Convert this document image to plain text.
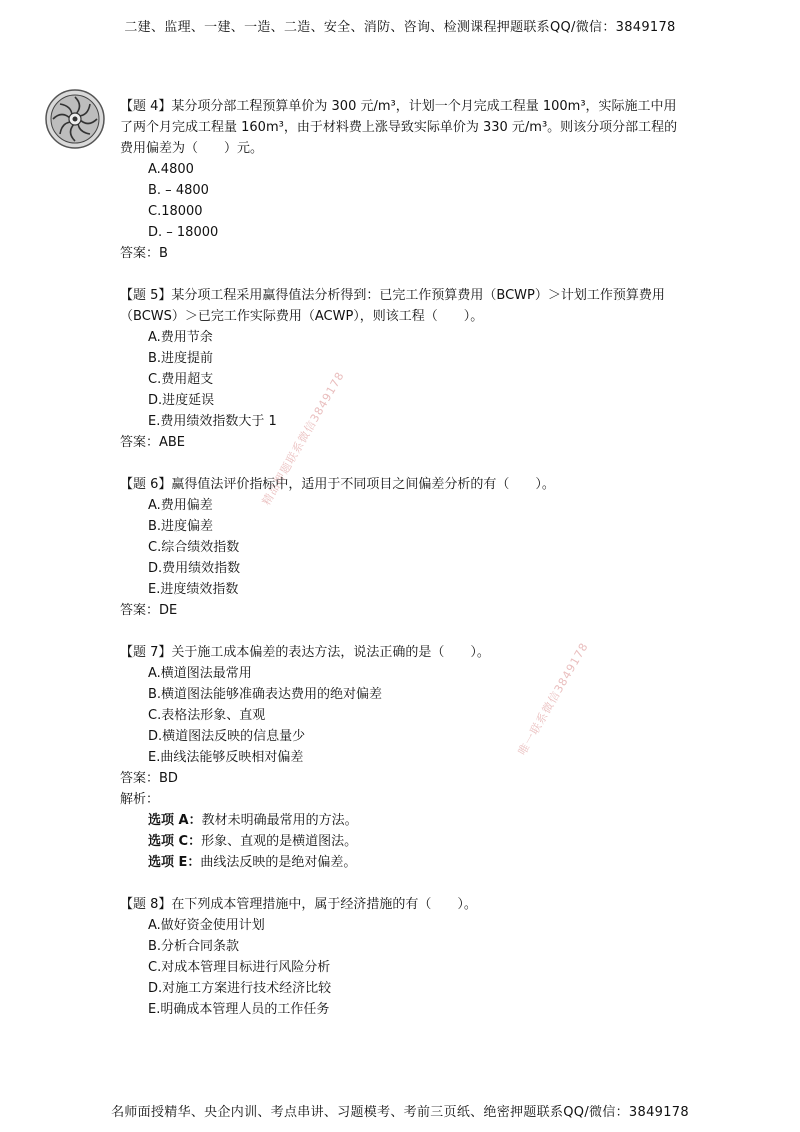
二建、监理、一建、一造、二造、安全、消防、咨询、检测课程押题联系QQ/微信：3849178
精品押题联系微信3849178
唯一联系微信3849178

【题 4】某分项分部工程预算单价为 300 元/m³，计划一个月完成工程量 100m³，实际施工中用了两个月完成工程量 160m³，由于材料费上涨导致实际单价为 330 元/m³。则该分项分部工程的费用偏差为（　　）元。

A.4800

B. – 4800

C.18000

D. – 18000

答案：B

【题 5】某分项工程采用赢得值法分析得到：已完工作预算费用（BCWP）＞计划工作预算费用（BCWS）＞已完工作实际费用（ACWP），则该工程（　　）。

A.费用节余

B.进度提前

C.费用超支

D.进度延误

E.费用绩效指数大于 1

答案：ABE

【题 6】赢得值法评价指标中，适用于不同项目之间偏差分析的有（　　）。

A.费用偏差

B.进度偏差

C.综合绩效指数

D.费用绩效指数

E.进度绩效指数

答案：DE

【题 7】关于施工成本偏差的表达方法，说法正确的是（　　）。

A.横道图法最常用

B.横道图法能够准确表达费用的绝对偏差

C.表格法形象、直观

D.横道图法反映的信息量少

E.曲线法能够反映相对偏差

答案：BD

解析：

选项 A：教材未明确最常用的方法。

选项 C：形象、直观的是横道图法。

选项 E：曲线法反映的是绝对偏差。

【题 8】在下列成本管理措施中，属于经济措施的有（　　）。

A.做好资金使用计划

B.分析合同条款

C.对成本管理目标进行风险分析

D.对施工方案进行技术经济比较

E.明确成本管理人员的工作任务

名师面授精华、央企内训、考点串讲、习题模考、考前三页纸、绝密押题联系QQ/微信：3849178
